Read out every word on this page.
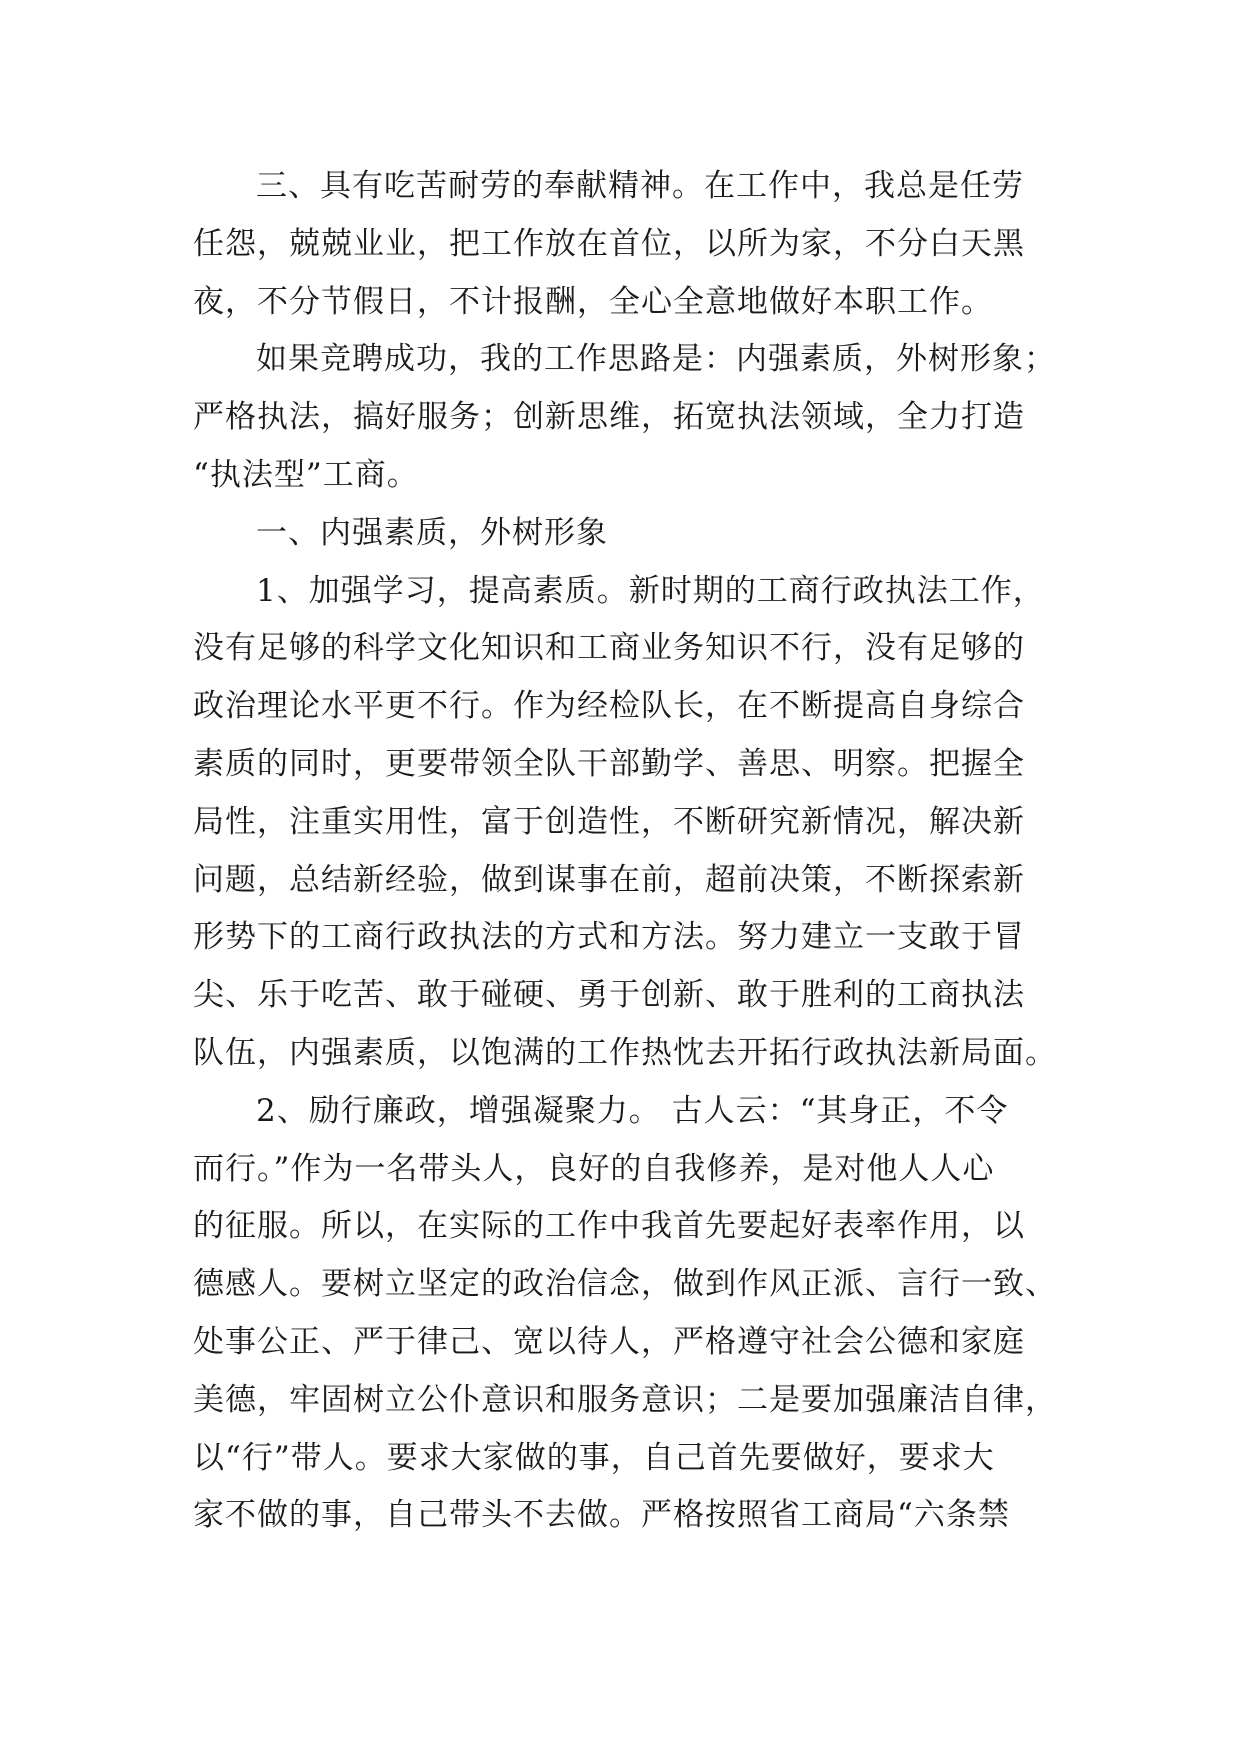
三、具有吃苦耐劳的奉献精神。在工作中，我总是任劳
任怨，兢兢业业，把工作放在首位，以所为家，不分白天黑
夜，不分节假日，不计报酬，全心全意地做好本职工作。
如果竞聘成功，我的工作思路是：内强素质，外树形象；
严格执法，搞好服务；创新思维，拓宽执法领域，全力打造
“执法型”工商。
一、内强素质，外树形象
1、加强学习，提高素质。新时期的工商行政执法工作，
没有足够的科学文化知识和工商业务知识不行，没有足够的
政治理论水平更不行。作为经检队长，在不断提高自身综合
素质的同时，更要带领全队干部勤学、善思、明察。把握全
局性，注重实用性，富于创造性，不断研究新情况，解决新
问题，总结新经验，做到谋事在前，超前决策，不断探索新
形势下的工商行政执法的方式和方法。努力建立一支敢于冒
尖、乐于吃苦、敢于碰硬、勇于创新、敢于胜利的工商执法
队伍，内强素质，以饱满的工作热忱去开拓行政执法新局面。
2、励行廉政，增强凝聚力。 古人云：“其身正，不令
而行。”作为一名带头人，良好的自我修养，是对他人人心
的征服。所以，在实际的工作中我首先要起好表率作用，以
德感人。要树立坚定的政治信念，做到作风正派、言行一致、
处事公正、严于律己、宽以待人，严格遵守社会公德和家庭
美德，牢固树立公仆意识和服务意识；二是要加强廉洁自律，
以“行”带人。要求大家做的事，自己首先要做好，要求大
家不做的事，自己带头不去做。严格按照省工商局“六条禁
